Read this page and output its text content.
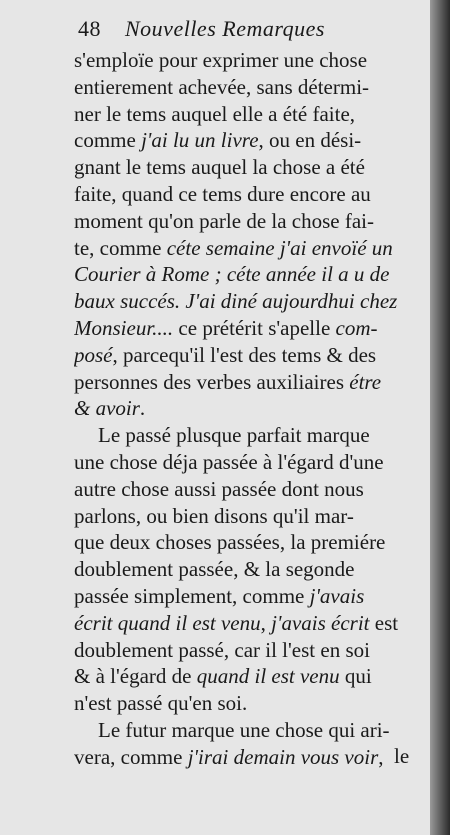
48 Nouvelles Remarques
s'emploïe pour exprimer une chose
entierement achevée, sans détermi-
ner le tems auquel elle a été faite,
comme j'ai lu un livre, ou en dési-
gnant le tems auquel la chose a été
faite, quand ce tems dure encore au
moment qu'on parle de la chose fai-
te, comme céte semaine j'ai envoïé un
Courier à Rome ; céte année il a u de
baux succés. J'ai diné aujourdhui chez
Monsieur.... ce prétérit s'apelle com-
posé, parcequ'il l'est des tems & des
personnes des verbes auxiliaires étre
& avoir.
Le passé plusque parfait marque
une chose déja passée à l'égard d'une
autre chose aussi passée dont nous
parlons, ou bien disons qu'il mar-
que deux choses passées, la premiére
doublement passée, & la segonde
passée simplement, comme j'avais
écrit quand il est venu, j'avais écrit est
doublement passé, car il l'est en soi
& à l'égard de quand il est venu qui
n'est passé qu'en soi.
Le futur marque une chose qui ari-
vera, comme j'irai demain vous voir, le
